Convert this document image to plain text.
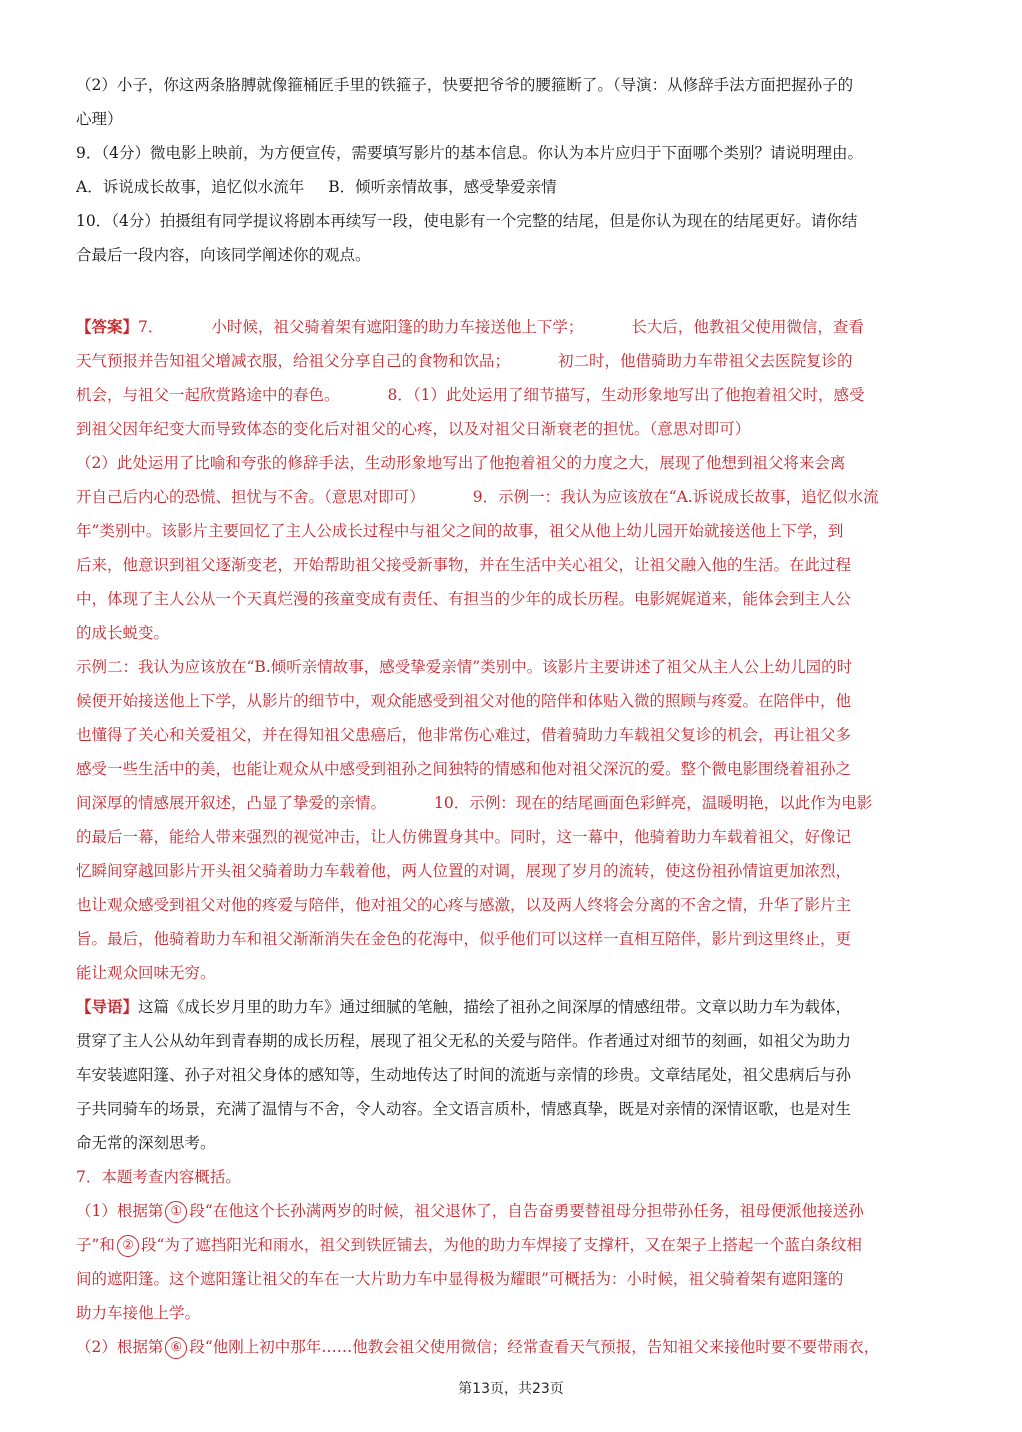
（2）小子，你这两条胳膊就像箍桶匠手里的铁箍子，快要把爷爷的腰箍断了。（导演：从修辞手法方面把握孙子的
心理）
9．（4分）微电影上映前，为方便宣传，需要填写影片的基本信息。你认为本片应归于下面哪个类别？请说明理由。
A．诉说成长故事，追忆似水流年 B．倾听亲情故事，感受挚爱亲情
10．（4分）拍摄组有同学提议将剧本再续写一段，使电影有一个完整的结尾，但是你认为现在的结尾更好。请你结
合最后一段内容，向该同学阐述你的观点。
【答案】7．	小时候，祖父骑着架有遮阳篷的助力车接送他上下学；	长大后，他教祖父使用微信，查看
天气预报并告知祖父增减衣服，给祖父分享自己的食物和饮品；	初二时，他借骑助力车带祖父去医院复诊的
机会，与祖父一起欣赏路途中的春色。	8．（1）此处运用了细节描写，生动形象地写出了他抱着祖父时，感受
到祖父因年纪变大而导致体态的变化后对祖父的心疼，以及对祖父日渐衰老的担忧。（意思对即可）
（2）此处运用了比喻和夸张的修辞手法，生动形象地写出了他抱着祖父的力度之大，展现了他想到祖父将来会离
开自己后内心的恐慌、担忧与不舍。（意思对即可）	9．示例一：我认为应该放在“A.诉说成长故事，追忆似水流
年”类别中。该影片主要回忆了主人公成长过程中与祖父之间的故事，祖父从他上幼儿园开始就接送他上下学，到
后来，他意识到祖父逐渐变老，开始帮助祖父接受新事物，并在生活中关心祖父，让祖父融入他的生活。在此过程
中，体现了主人公从一个天真烂漫的孩童变成有责任、有担当的少年的成长历程。电影娓娓道来，能体会到主人公
的成长蜕变。
示例二：我认为应该放在“B.倾听亲情故事，感受挚爱亲情”类别中。该影片主要讲述了祖父从主人公上幼儿园的时
候便开始接送他上下学，从影片的细节中，观众能感受到祖父对他的陪伴和体贴入微的照顾与疼爱。在陪伴中，他
也懂得了关心和关爱祖父，并在得知祖父患癌后，他非常伤心难过，借着骑助力车载祖父复诊的机会，再让祖父多
感受一些生活中的美，也能让观众从中感受到祖孙之间独特的情感和他对祖父深沉的爱。整个微电影围绕着祖孙之
间深厚的情感展开叙述，凸显了挚爱的亲情。	10．示例：现在的结尾画面色彩鲜亮，温暖明艳，以此作为电影
的最后一幕，能给人带来强烈的视觉冲击，让人仿佛置身其中。同时，这一幕中，他骑着助力车载着祖父，好像记
忆瞬间穿越回影片开头祖父骑着助力车载着他，两人位置的对调，展现了岁月的流转，使这份祖孙情谊更加浓烈，
也让观众感受到祖父对他的疼爱与陪伴，他对祖父的心疼与感激，以及两人终将会分离的不舍之情，升华了影片主
旨。最后，他骑着助力车和祖父渐渐消失在金色的花海中，似乎他们可以这样一直相互陪伴，影片到这里终止，更
能让观众回味无穷。
【导语】这篇《成长岁月里的助力车》通过细腻的笔触，描绘了祖孙之间深厚的情感纽带。文章以助力车为载体，
贯穿了主人公从幼年到青春期的成长历程，展现了祖父无私的关爱与陪伴。作者通过对细节的刻画，如祖父为助力
车安装遮阳篷、孙子对祖父身体的感知等，生动地传达了时间的流逝与亲情的珍贵。文章结尾处，祖父患病后与孙
子共同骑车的场景，充满了温情与不舍，令人动容。全文语言质朴，情感真挚，既是对亲情的深情讴歌，也是对生
命无常的深刻思考。
7．本题考查内容概括。
（1）根据第 ① 段“在他这个长孙满两岁的时候，祖父退休了，自告奋勇要替祖母分担带孙任务，祖母便派他接送孙
子”和 ② 段“为了遮挡阳光和雨水，祖父到铁匠铺去，为他的助力车焊接了支撑杆，又在架子上搭起一个蓝白条纹相
间的遮阳篷。这个遮阳篷让祖父的车在一大片助力车中显得极为耀眼”可概括为：小时候，祖父骑着架有遮阳篷的
助力车接他上学。
（2）根据第 ⑥ 段“他刚上初中那年……他教会祖父使用微信；经常查看天气预报，告知祖父来接他时要不要带雨衣，
第13页，共23页
